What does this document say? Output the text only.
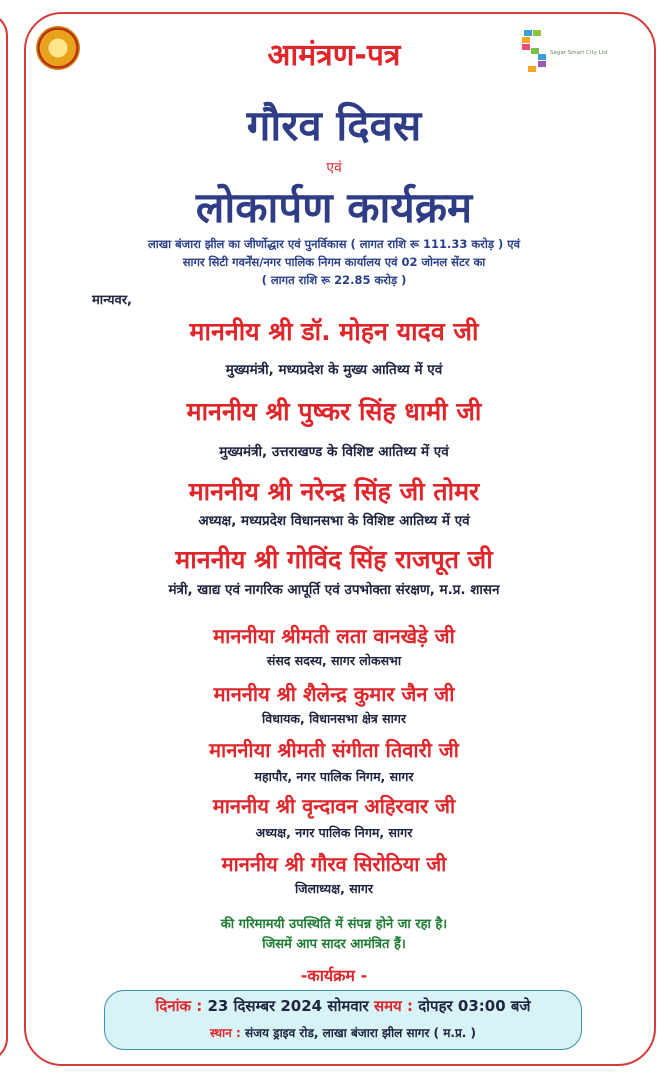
Sagar Smart City Ltd
आमंत्रण-पत्र
गौरव दिवस
एवं
लोकार्पण कार्यक्रम
लाखा बंजारा झील का जीर्णोद्धार एवं पुनर्विकास ( लागत राशि रू 111.33 करोड़ ) एवं
सागर सिटी गवर्नेंस/नगर पालिक निगम कार्यालय एवं 02 जोनल सेंटर का
( लागत राशि रू 22.85 करोड़ )
मान्यवर,
माननीय श्री डॉ. मोहन यादव जी
मुख्यमंत्री, मध्यप्रदेश के मुख्य आतिथ्य में एवं
माननीय श्री पुष्कर सिंह धामी जी
मुख्यमंत्री, उत्तराखण्ड के विशिष्ट आतिथ्य में एवं
माननीय श्री नरेन्द्र सिंह जी तोमर
अध्यक्ष, मध्यप्रदेश विधानसभा के विशिष्ट आतिथ्य में एवं
माननीय श्री गोविंद सिंह राजपूत जी
मंत्री, खाद्य एवं नागरिक आपूर्ति एवं उपभोक्ता संरक्षण, म.प्र. शासन
माननीया श्रीमती लता वानखेड़े जी
संसद सदस्य, सागर लोकसभा
माननीय श्री शैलेन्द्र कुमार जैन जी
विधायक, विधानसभा क्षेत्र सागर
माननीया श्रीमती संगीता तिवारी जी
महापौर, नगर पालिक निगम, सागर
माननीय श्री वृन्दावन अहिरवार जी
अध्यक्ष, नगर पालिक निगम, सागर
माननीय श्री गौरव सिरोठिया जी
जिलाध्यक्ष, सागर
की गरिमामयी उपस्थिति में संपन्न होने जा रहा है।
जिसमें आप सादर आमंत्रित हैं।
-कार्यक्रम -
दिनांक : 23 दिसम्बर 2024 सोमवार समय : दोपहर 03:00 बजे
स्थान : संजय ड्राइव रोड, लाखा बंजारा झील सागर ( म.प्र. )
